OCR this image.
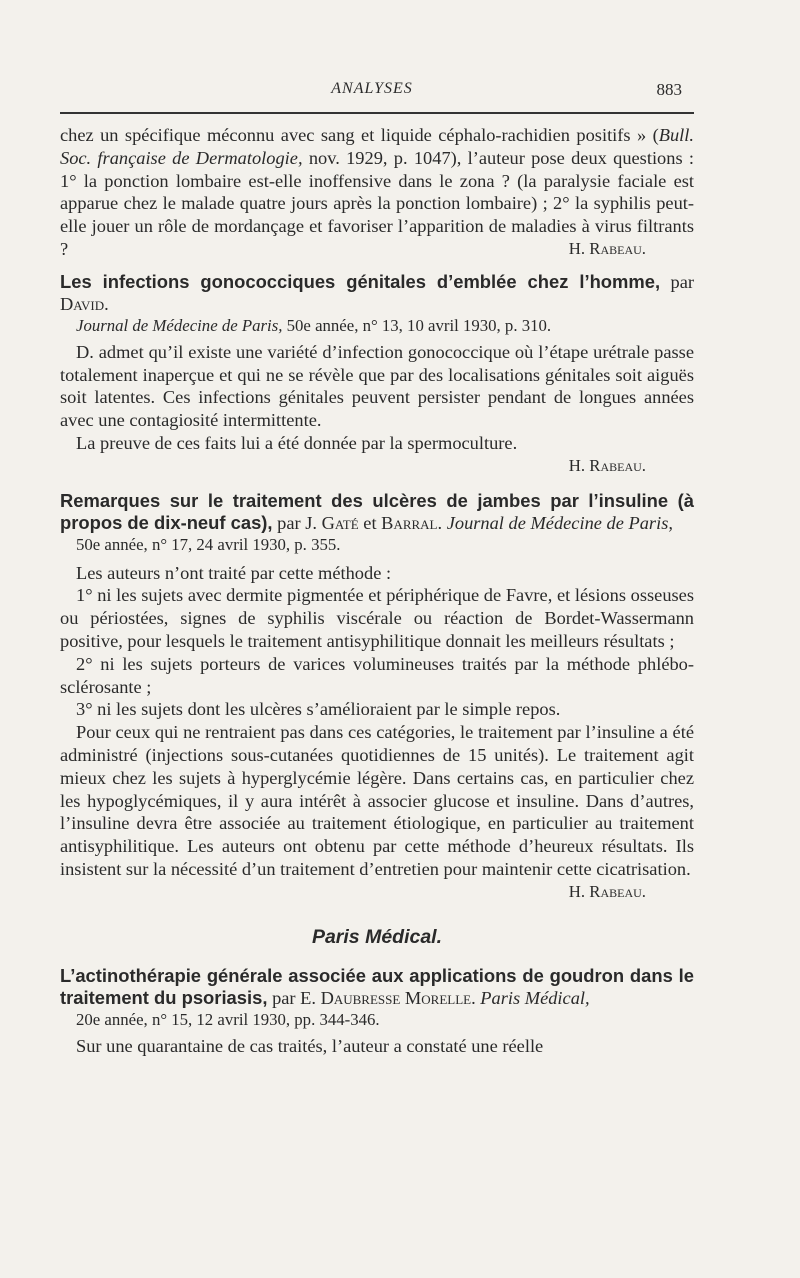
ANALYSES	883

chez un spécifique méconnu avec sang et liquide céphalo-rachidien positifs » (Bull. Soc. française de Dermatologie, nov. 1929, p. 1047), l’auteur pose deux questions : 1° la ponction lombaire est-elle inoffensive dans le zona ? (la paralysie faciale est apparue chez le malade quatre jours après la ponction lombaire) ; 2° la syphilis peut-elle jouer un rôle de mordançage et favoriser l’apparition de maladies à virus filtrants ?	H. Rabeau.

Les infections gonococciques génitales d’emblée chez l’homme, par David.

Journal de Médecine de Paris, 50e année, n° 13, 10 avril 1930, p. 310.

D. admet qu’il existe une variété d’infection gonococcique où l’étape urétrale passe totalement inaperçue et qui ne se révèle que par des localisations génitales soit aiguës soit latentes. Ces infections génitales peuvent persister pendant de longues années avec une contagiosité intermittente.

La preuve de ces faits lui a été donnée par la spermoculture.

H. Rabeau.

Remarques sur le traitement des ulcères de jambes par l’insuline (à propos de dix-neuf cas), par J. Gaté et Barral. Journal de Médecine de Paris,

50e année, n° 17, 24 avril 1930, p. 355.

Les auteurs n’ont traité par cette méthode :

1° ni les sujets avec dermite pigmentée et périphérique de Favre, et lésions osseuses ou périostées, signes de syphilis viscérale ou réaction de Bordet-Wassermann positive, pour lesquels le traitement antisyphilitique donnait les meilleurs résultats ;

2° ni les sujets porteurs de varices volumineuses traités par la méthode phlébo-sclérosante ;

3° ni les sujets dont les ulcères s’amélioraient par le simple repos.

Pour ceux qui ne rentraient pas dans ces catégories, le traitement par l’insuline a été administré (injections sous-cutanées quotidiennes de 15 unités). Le traitement agit mieux chez les sujets à hyperglycémie légère. Dans certains cas, en particulier chez les hypoglycémiques, il y aura intérêt à associer glucose et insuline. Dans d’autres, l’insuline devra être associée au traitement étiologique, en particulier au traitement antisyphilitique. Les auteurs ont obtenu par cette méthode d’heureux résultats. Ils insistent sur la nécessité d’un traitement d’entretien pour maintenir cette cicatrisation.

H. Rabeau.

Paris Médical.

L’actinothérapie générale associée aux applications de goudron dans le traitement du psoriasis, par E. Daubresse Morelle. Paris Médical,

20e année, n° 15, 12 avril 1930, pp. 344-346.

Sur une quarantaine de cas traités, l’auteur a constaté une réelle
